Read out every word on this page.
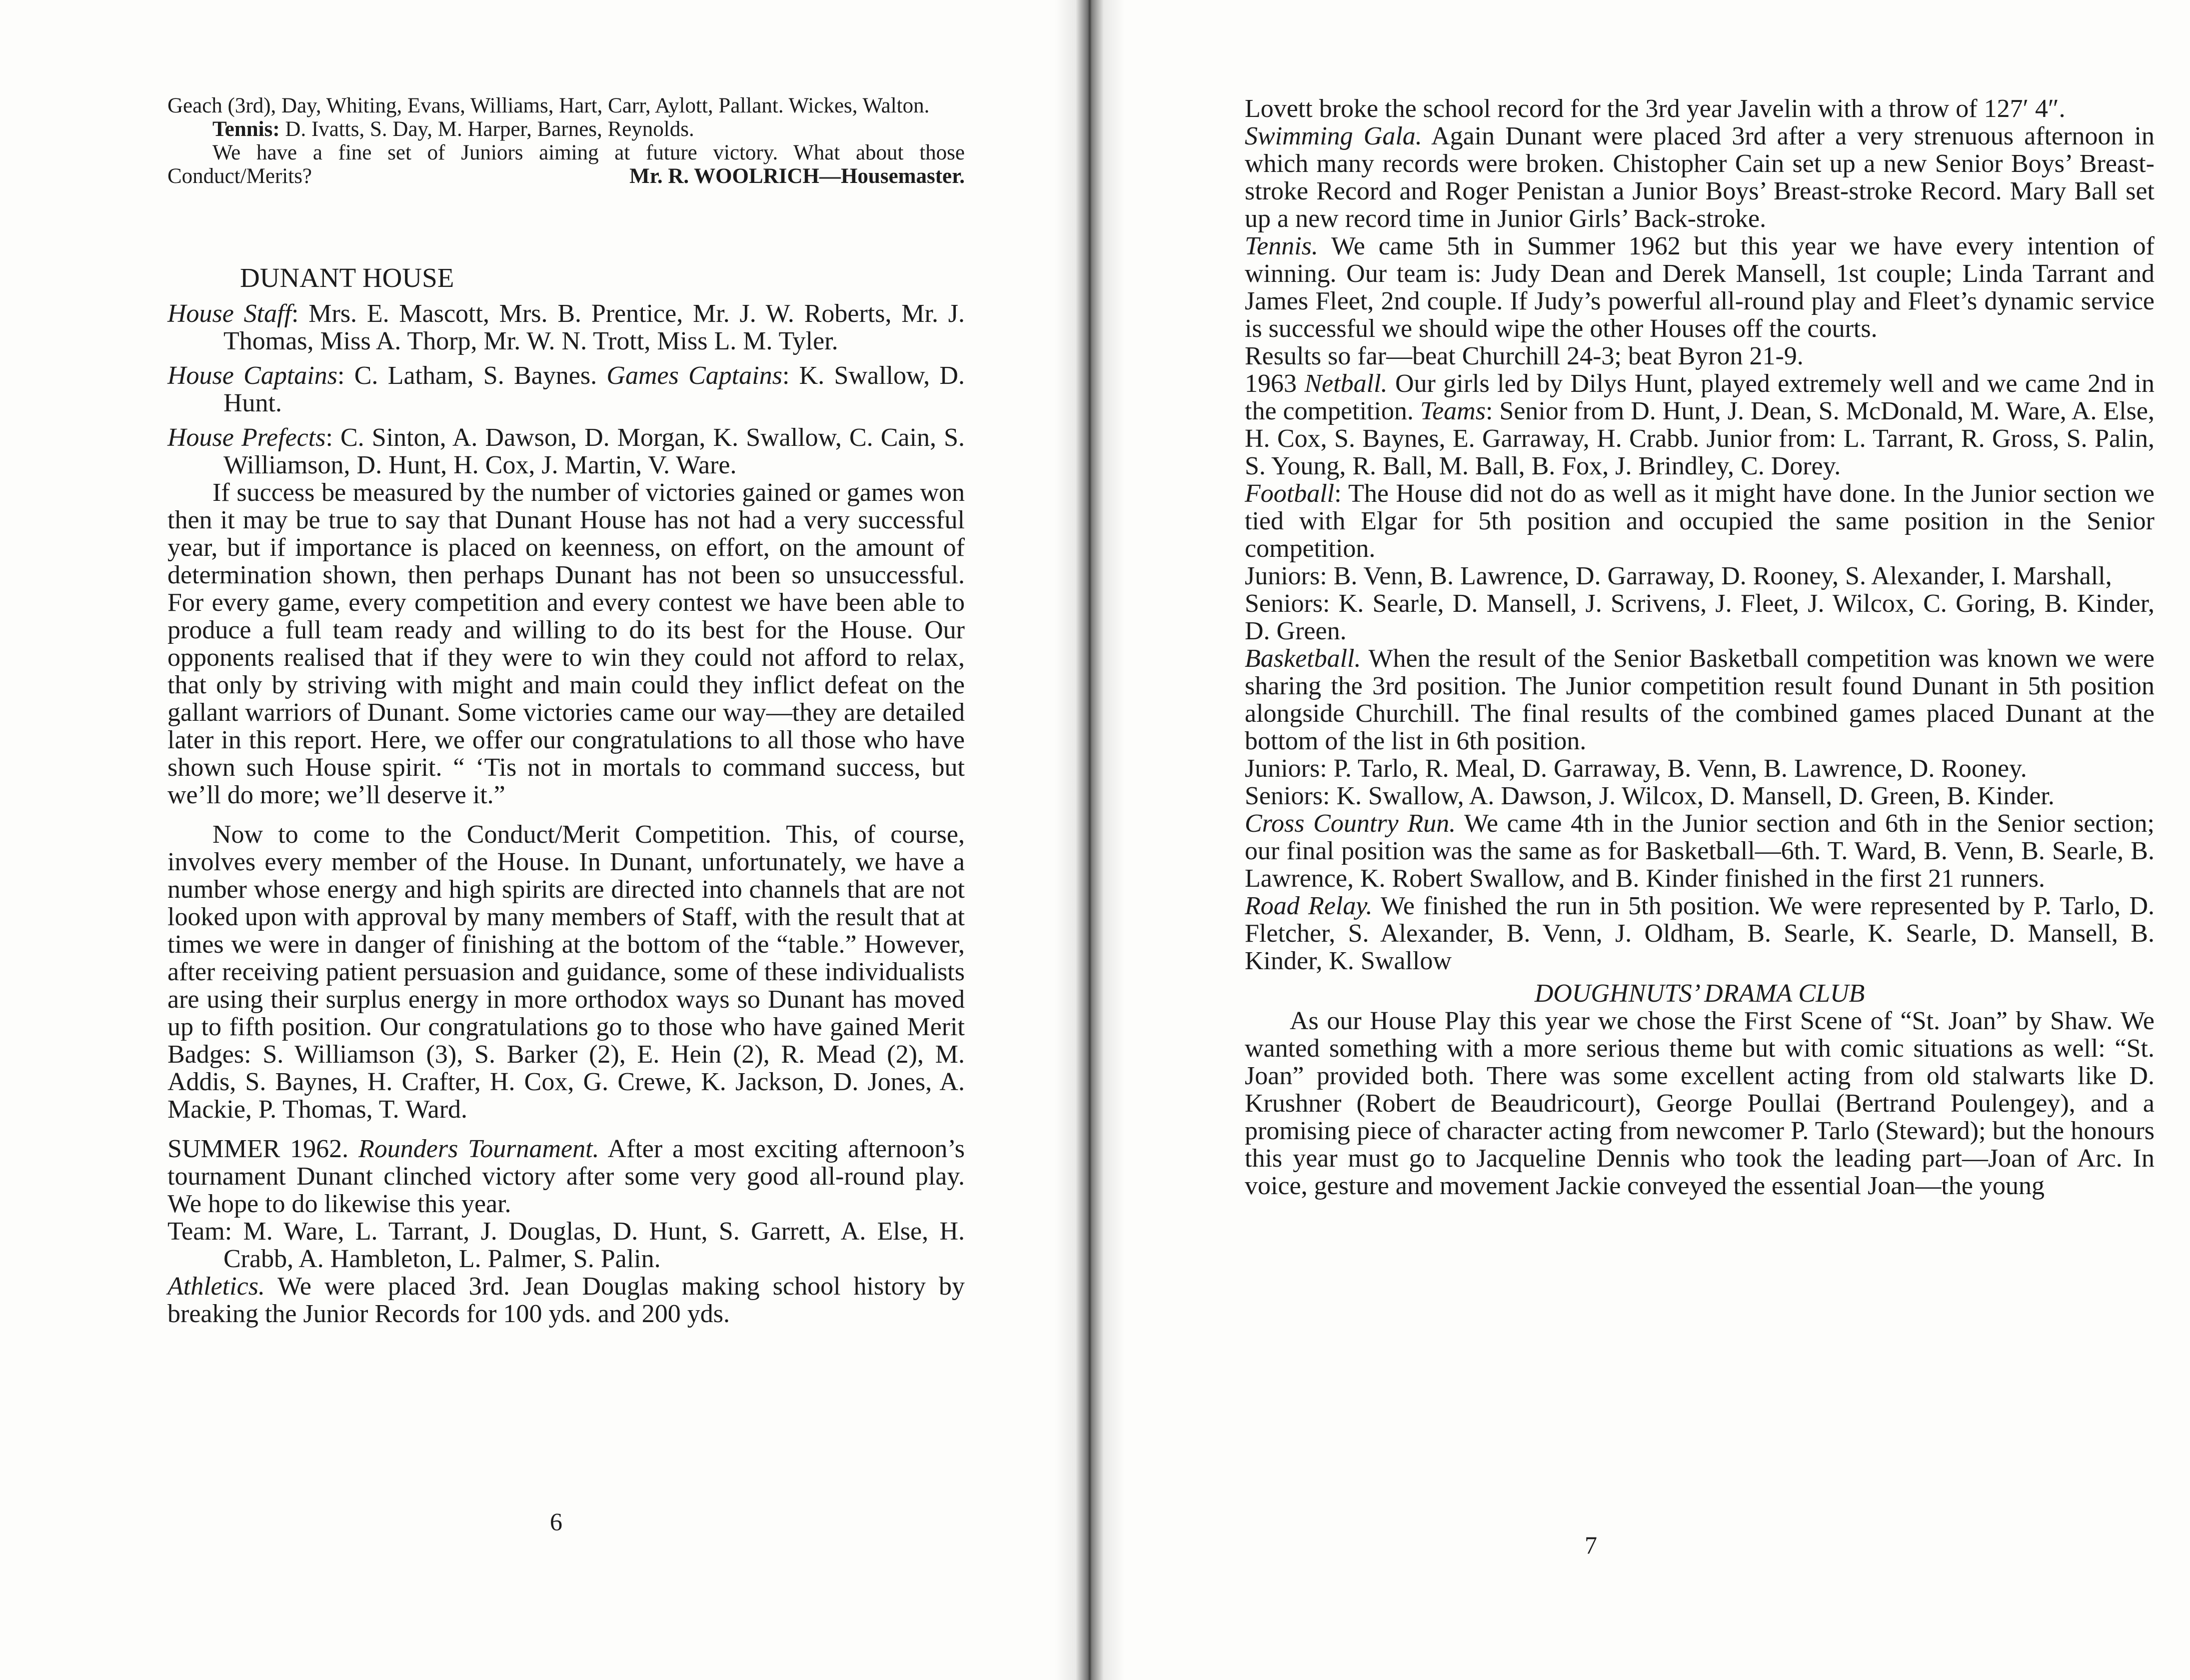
Geach (3rd), Day, Whiting, Evans, Williams, Hart, Carr, Aylott, Pallant. Wickes, Walton.

Tennis: D. Ivatts, S. Day, M. Harper, Barnes, Reynolds.

We have a fine set of Juniors aiming at future victory. What about those Conduct/Merits?	Mr. R. WOOLRICH—Housemaster.

DUNANT HOUSE

House Staff: Mrs. E. Mascott, Mrs. B. Prentice, Mr. J. W. Roberts, Mr. J. Thomas, Miss A. Thorp, Mr. W. N. Trott, Miss L. M. Tyler.

House Captains: C. Latham, S. Baynes. Games Captains: K. Swallow, D. Hunt.

House Prefects: C. Sinton, A. Dawson, D. Morgan, K. Swallow, C. Cain, S. Williamson, D. Hunt, H. Cox, J. Martin, V. Ware.

If success be measured by the number of victories gained or games won then it may be true to say that Dunant House has not had a very successful year, but if importance is placed on keenness, on effort, on the amount of determination shown, then perhaps Dunant has not been so unsuccessful. For every game, every competition and every contest we have been able to produce a full team ready and willing to do its best for the House. Our opponents realised that if they were to win they could not afford to relax, that only by striving with might and main could they inflict defeat on the gallant warriors of Dunant. Some victories came our way—they are detailed later in this report. Here, we offer our congratulations to all those who have shown such House spirit. “ ‘Tis not in mortals to command success, but we’ll do more; we’ll deserve it.”

Now to come to the Conduct/Merit Competition. This, of course, involves every member of the House. In Dunant, unfortunately, we have a number whose energy and high spirits are directed into channels that are not looked upon with approval by many members of Staff, with the result that at times we were in danger of finishing at the bottom of the “table.” However, after receiving patient persuasion and guidance, some of these individualists are using their surplus energy in more orthodox ways so Dunant has moved up to fifth position. Our congratulations go to those who have gained Merit Badges: S. Williamson (3), S. Barker (2), E. Hein (2), R. Mead (2), M. Addis, S. Baynes, H. Crafter, H. Cox, G. Crewe, K. Jackson, D. Jones, A. Mackie, P. Thomas, T. Ward.

SUMMER 1962. Rounders Tournament. After a most exciting afternoon’s tournament Dunant clinched victory after some very good all-round play. We hope to do likewise this year.

Team: M. Ware, L. Tarrant, J. Douglas, D. Hunt, S. Garrett, A. Else, H. Crabb, A. Hambleton, L. Palmer, S. Palin.

Athletics. We were placed 3rd. Jean Douglas making school history by breaking the Junior Records for 100 yds. and 200 yds.

6

Lovett broke the school record for the 3rd year Javelin with a throw of 127′ 4″.

Swimming Gala. Again Dunant were placed 3rd after a very strenuous afternoon in which many records were broken. Chistopher Cain set up a new Senior Boys’ Breast-stroke Record and Roger Penistan a Junior Boys’ Breast-stroke Record. Mary Ball set up a new record time in Junior Girls’ Back-stroke.

Tennis. We came 5th in Summer 1962 but this year we have every intention of winning. Our team is: Judy Dean and Derek Mansell, 1st couple; Linda Tarrant and James Fleet, 2nd couple. If Judy’s powerful all-round play and Fleet’s dynamic service is successful we should wipe the other Houses off the courts.

Results so far—beat Churchill 24-3; beat Byron 21-9.

1963 Netball. Our girls led by Dilys Hunt, played extremely well and we came 2nd in the competition. Teams: Senior from D. Hunt, J. Dean, S. McDonald, M. Ware, A. Else, H. Cox, S. Baynes, E. Garraway, H. Crabb. Junior from: L. Tarrant, R. Gross, S. Palin, S. Young, R. Ball, M. Ball, B. Fox, J. Brindley, C. Dorey.

Football: The House did not do as well as it might have done. In the Junior section we tied with Elgar for 5th position and occupied the same position in the Senior competition.

Juniors: B. Venn, B. Lawrence, D. Garraway, D. Rooney, S. Alexander, I. Marshall,

Seniors: K. Searle, D. Mansell, J. Scrivens, J. Fleet, J. Wilcox, C. Goring, B. Kinder, D. Green.

Basketball. When the result of the Senior Basketball competition was known we were sharing the 3rd position. The Junior competition result found Dunant in 5th position alongside Churchill. The final results of the combined games placed Dunant at the bottom of the list in 6th position.

Juniors: P. Tarlo, R. Meal, D. Garraway, B. Venn, B. Lawrence, D. Rooney.

Seniors: K. Swallow, A. Dawson, J. Wilcox, D. Mansell, D. Green, B. Kinder.

Cross Country Run. We came 4th in the Junior section and 6th in the Senior section; our final position was the same as for Basketball—6th. T. Ward, B. Venn, B. Searle, B. Lawrence, K. Robert Swallow, and B. Kinder finished in the first 21 runners.

Road Relay. We finished the run in 5th position. We were represented by P. Tarlo, D. Fletcher, S. Alexander, B. Venn, J. Oldham, B. Searle, K. Searle, D. Mansell, B. Kinder, K. Swallow

DOUGHNUTS’ DRAMA CLUB

As our House Play this year we chose the First Scene of “St. Joan” by Shaw. We wanted something with a more serious theme but with comic situations as well: “St. Joan” provided both. There was some excellent acting from old stalwarts like D. Krushner (Robert de Beaudricourt), George Poullai (Bertrand Poulengey), and a promising piece of character acting from newcomer P. Tarlo (Steward); but the honours this year must go to Jacqueline Dennis who took the leading part—Joan of Arc. In voice, gesture and movement Jackie conveyed the essential Joan—the young

7
